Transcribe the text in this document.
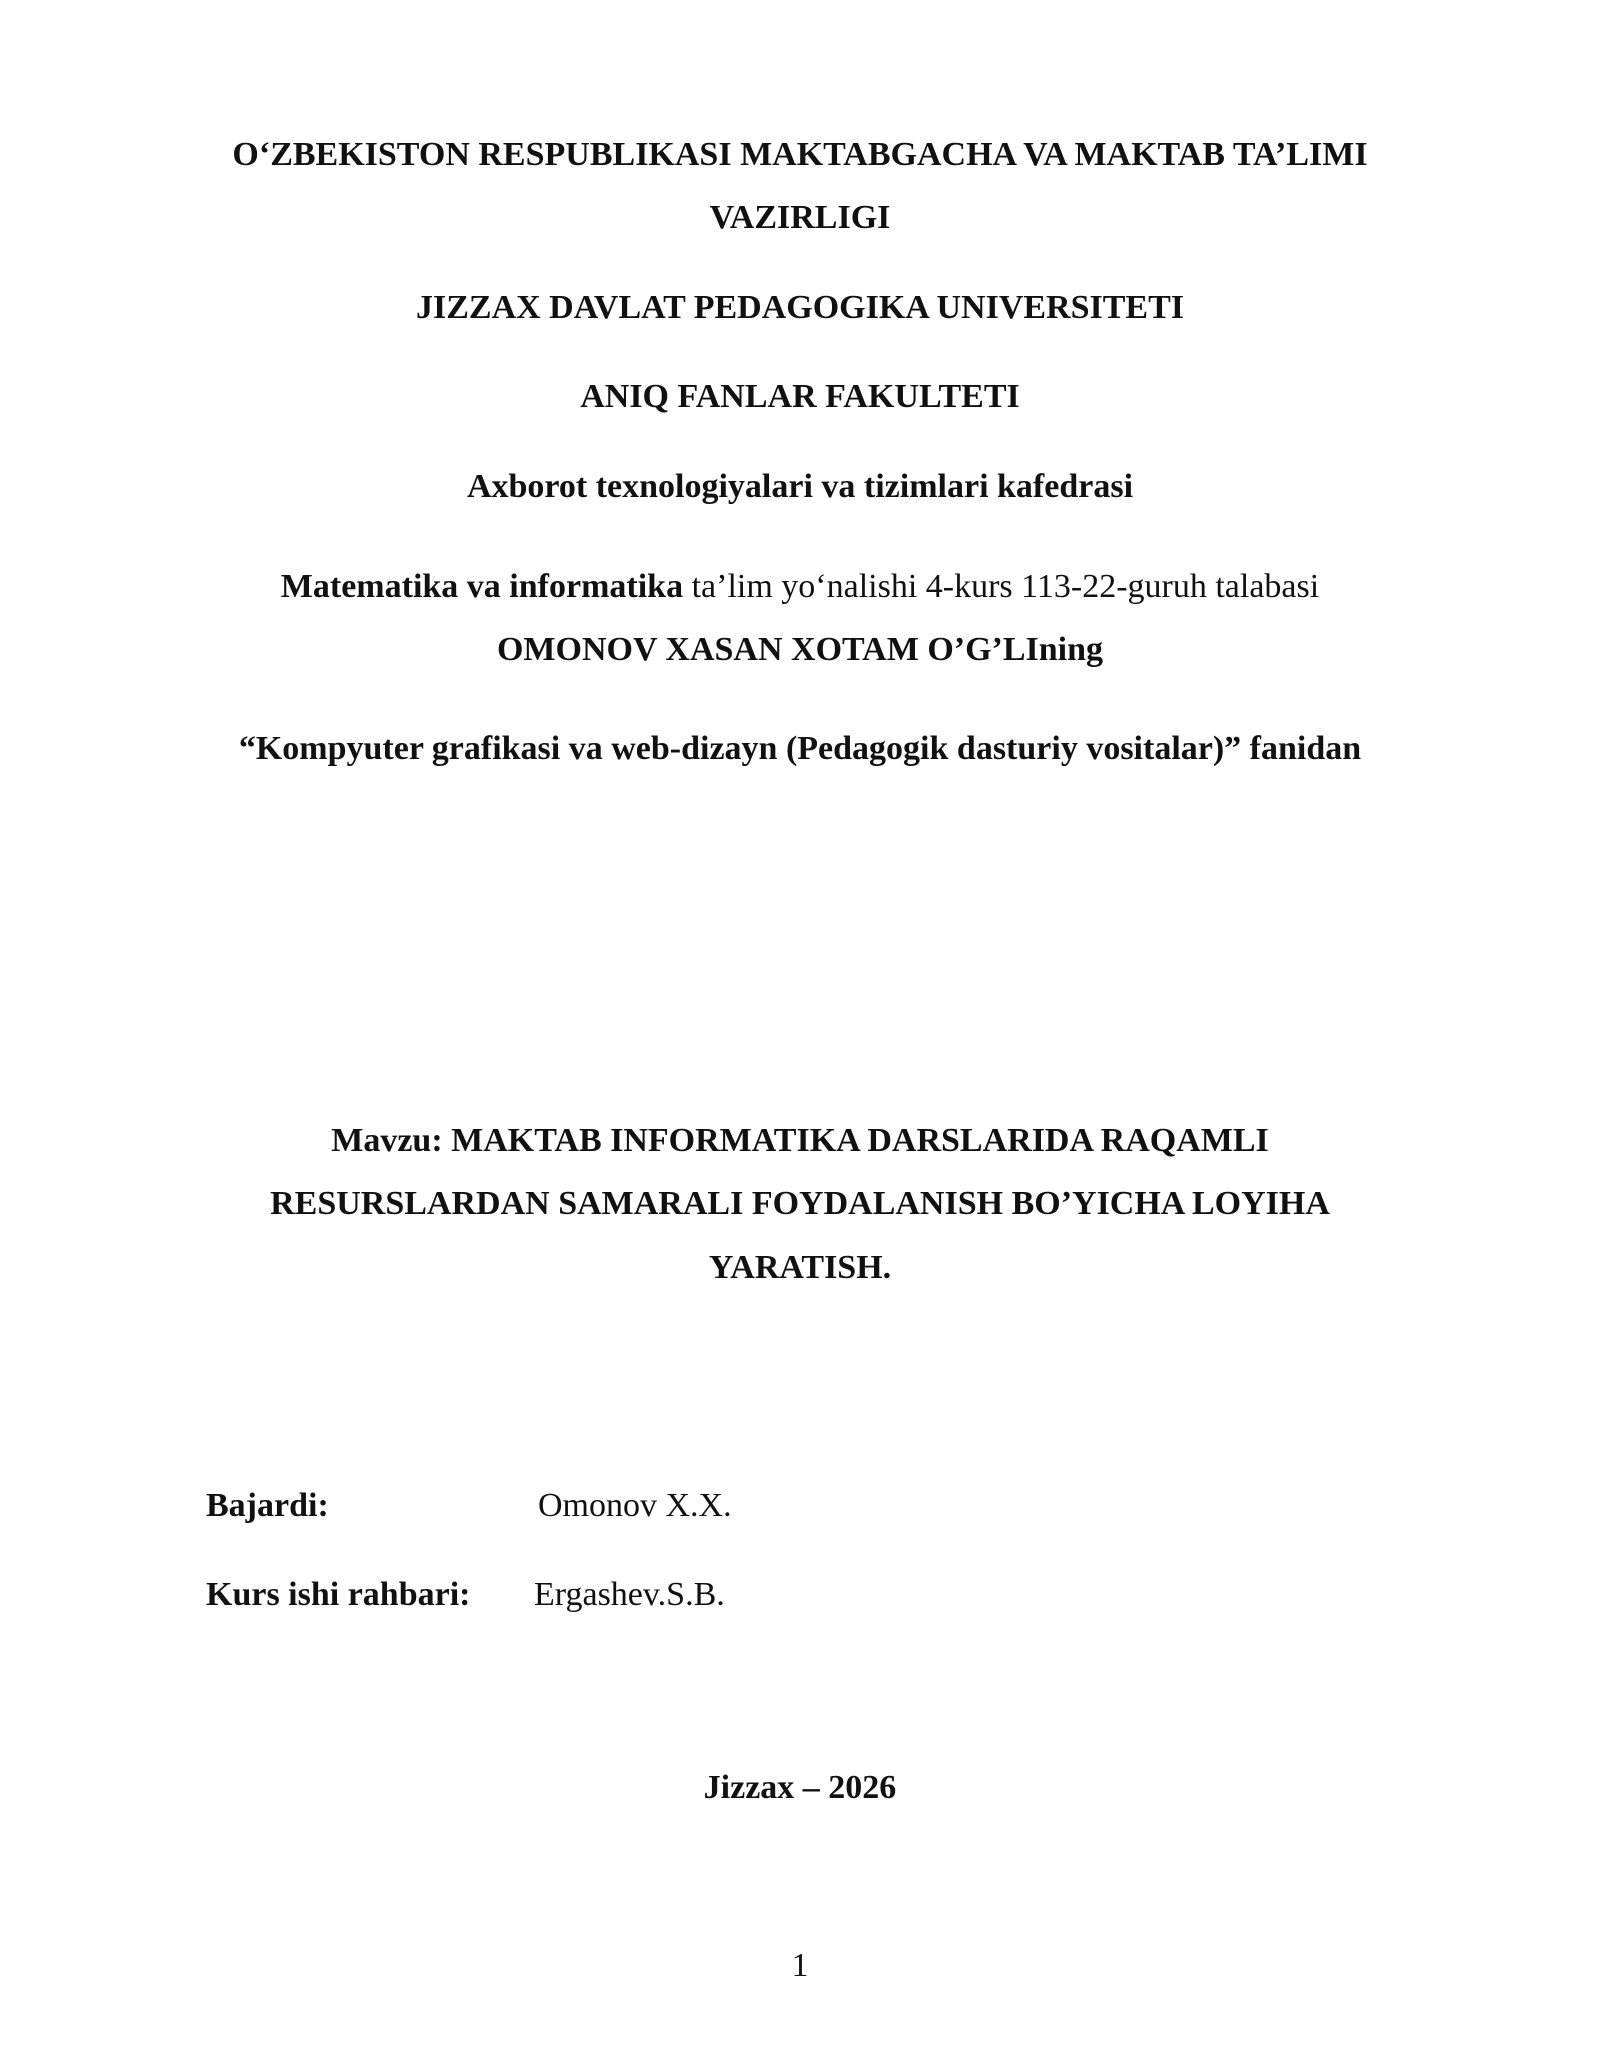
O‘ZBEKISTON RESPUBLIKASI MAKTABGACHA VA MAKTAB TA’LIMI
VAZIRLIGI
JIZZAX DAVLAT PEDAGOGIKA UNIVERSITETI
ANIQ FANLAR FAKULTETI
Axborot texnologiyalari va tizimlari kafedrasi
Matematika va informatika ta’lim yo‘nalishi 4-kurs 113-22-guruh talabasi
OMONOV XASAN XOTAM O’G’LIning
“Kompyuter grafikasi va web-dizayn (Pedagogik dasturiy vositalar)” fanidan
Mavzu: MAKTAB INFORMATIKA DARSLARIDA RAQAMLI
RESURSLARDAN SAMARALI FOYDALANISH BO’YICHA LOYIHA
YARATISH.
Bajardi:	Omonov X.X.
Kurs ishi rahbari: Ergashev.S.B.
Jizzax – 2026
1
